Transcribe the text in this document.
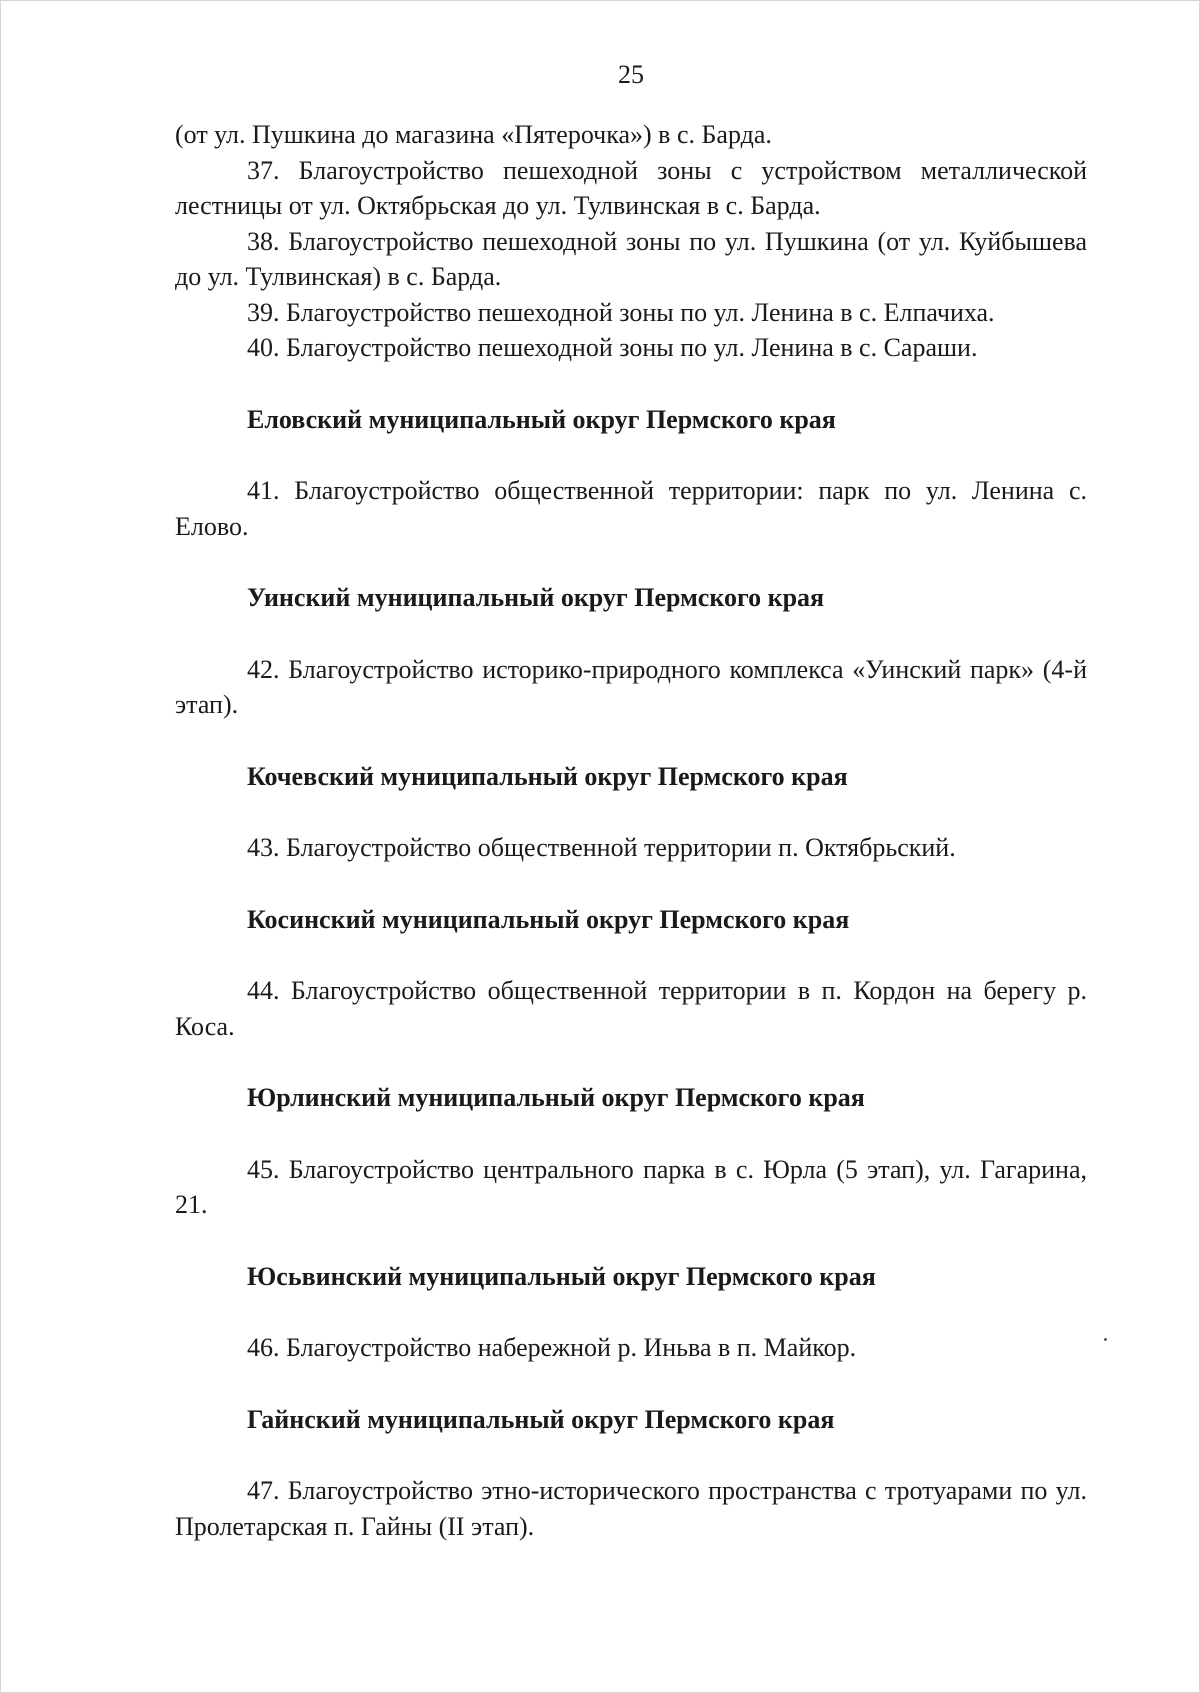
25

(от ул. Пушкина до магазина «Пятерочка») в с. Барда.

37. Благоустройство пешеходной зоны с устройством металлической лестницы от ул. Октябрьская до ул. Тулвинская в с. Барда.

38. Благоустройство пешеходной зоны по ул. Пушкина (от ул. Куйбышева до ул. Тулвинская) в с. Барда.

39. Благоустройство пешеходной зоны по ул. Ленина в с. Елпачиха.

40. Благоустройство пешеходной зоны по ул. Ленина в с. Сараши.

Еловский муниципальный округ Пермского края

41. Благоустройство общественной территории: парк по ул. Ленина с. Елово.

Уинский муниципальный округ Пермского края

42. Благоустройство историко-природного комплекса «Уинский парк» (4-й этап).

Кочевский муниципальный округ Пермского края

43. Благоустройство общественной территории п. Октябрьский.

Косинский муниципальный округ Пермского края

44. Благоустройство общественной территории в п. Кордон на берегу р. Коса.

Юрлинский муниципальный округ Пермского края

45. Благоустройство центрального парка в с. Юрла (5 этап), ул. Гагарина, 21.

Юсьвинский муниципальный округ Пермского края

46. Благоустройство набережной р. Иньва в п. Майкор.

Гайнский муниципальный округ Пермского края

47. Благоустройство этно-исторического пространства с тротуарами по ул. Пролетарская п. Гайны (II этап).
